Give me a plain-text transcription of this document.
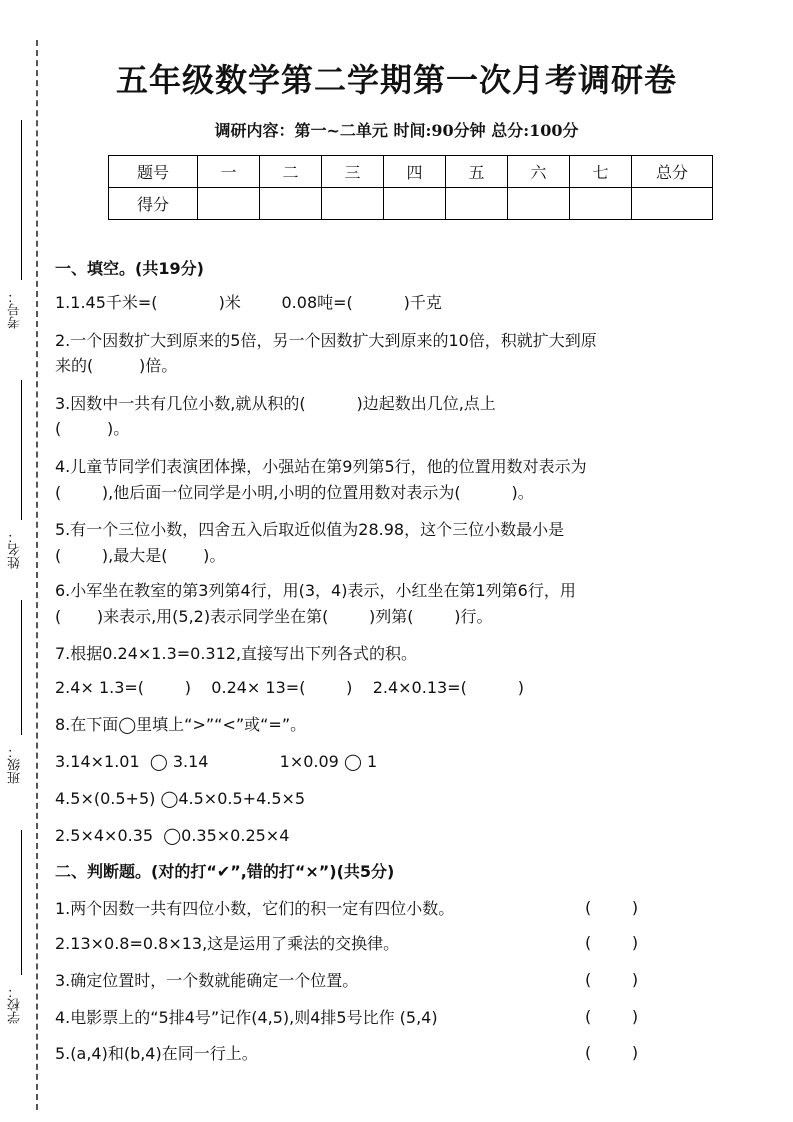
考号：
姓名：
班级：
学校：
五年级数学第二学期第一次月考调研卷
调研内容：第一~二单元 时间:90分钟 总分:100分
题号	一	二	三	四	五	六	七	总分
得分								
一、填空。(共19分)
1.1.45千米=(            )米        0.08吨=(          )千克
2.一个因数扩大到原来的5倍，另一个因数扩大到原来的10倍，积就扩大到原
来的(         )倍。
3.因数中一共有几位小数,就从积的(          )边起数出几位,点上
(         )。
4.儿童节同学们表演团体操，小强站在第9列第5行，他的位置用数对表示为
(        ),他后面一位同学是小明,小明的位置用数对表示为(          )。
5.有一个三位小数，四舍五入后取近似值为28.98，这个三位小数最小是
(        ),最大是(       )。
6.小军坐在教室的第3列第4行，用(3，4)表示，小红坐在第1列第6行，用
(       )来表示,用(5,2)表示同学坐在第(        )列第(        )行。
7.根据0.24×1.3=0.312,直接写出下列各式的积。
2.4× 1.3=(        )    0.24× 13=(        )    2.4×0.13=(          )
8.在下面◯里填上“>”“<”或“=”。
3.14×1.01  ◯ 3.14              1×0.09 ◯ 1
4.5×(0.5+5) ◯4.5×0.5+4.5×5
2.5×4×0.35  ◯0.35×0.25×4
二、判断题。(对的打“✔”,错的打“×”)(共5分)
1.两个因数一共有四位小数，它们的积一定有四位小数。	(        )
2.13×0.8=0.8×13,这是运用了乘法的交换律。	(        )
3.确定位置时，一个数就能确定一个位置。	(        )
4.电影票上的“5排4号”记作(4,5),则4排5号比作 (5,4)	(        )
5.(a,4)和(b,4)在同一行上。	(        )
